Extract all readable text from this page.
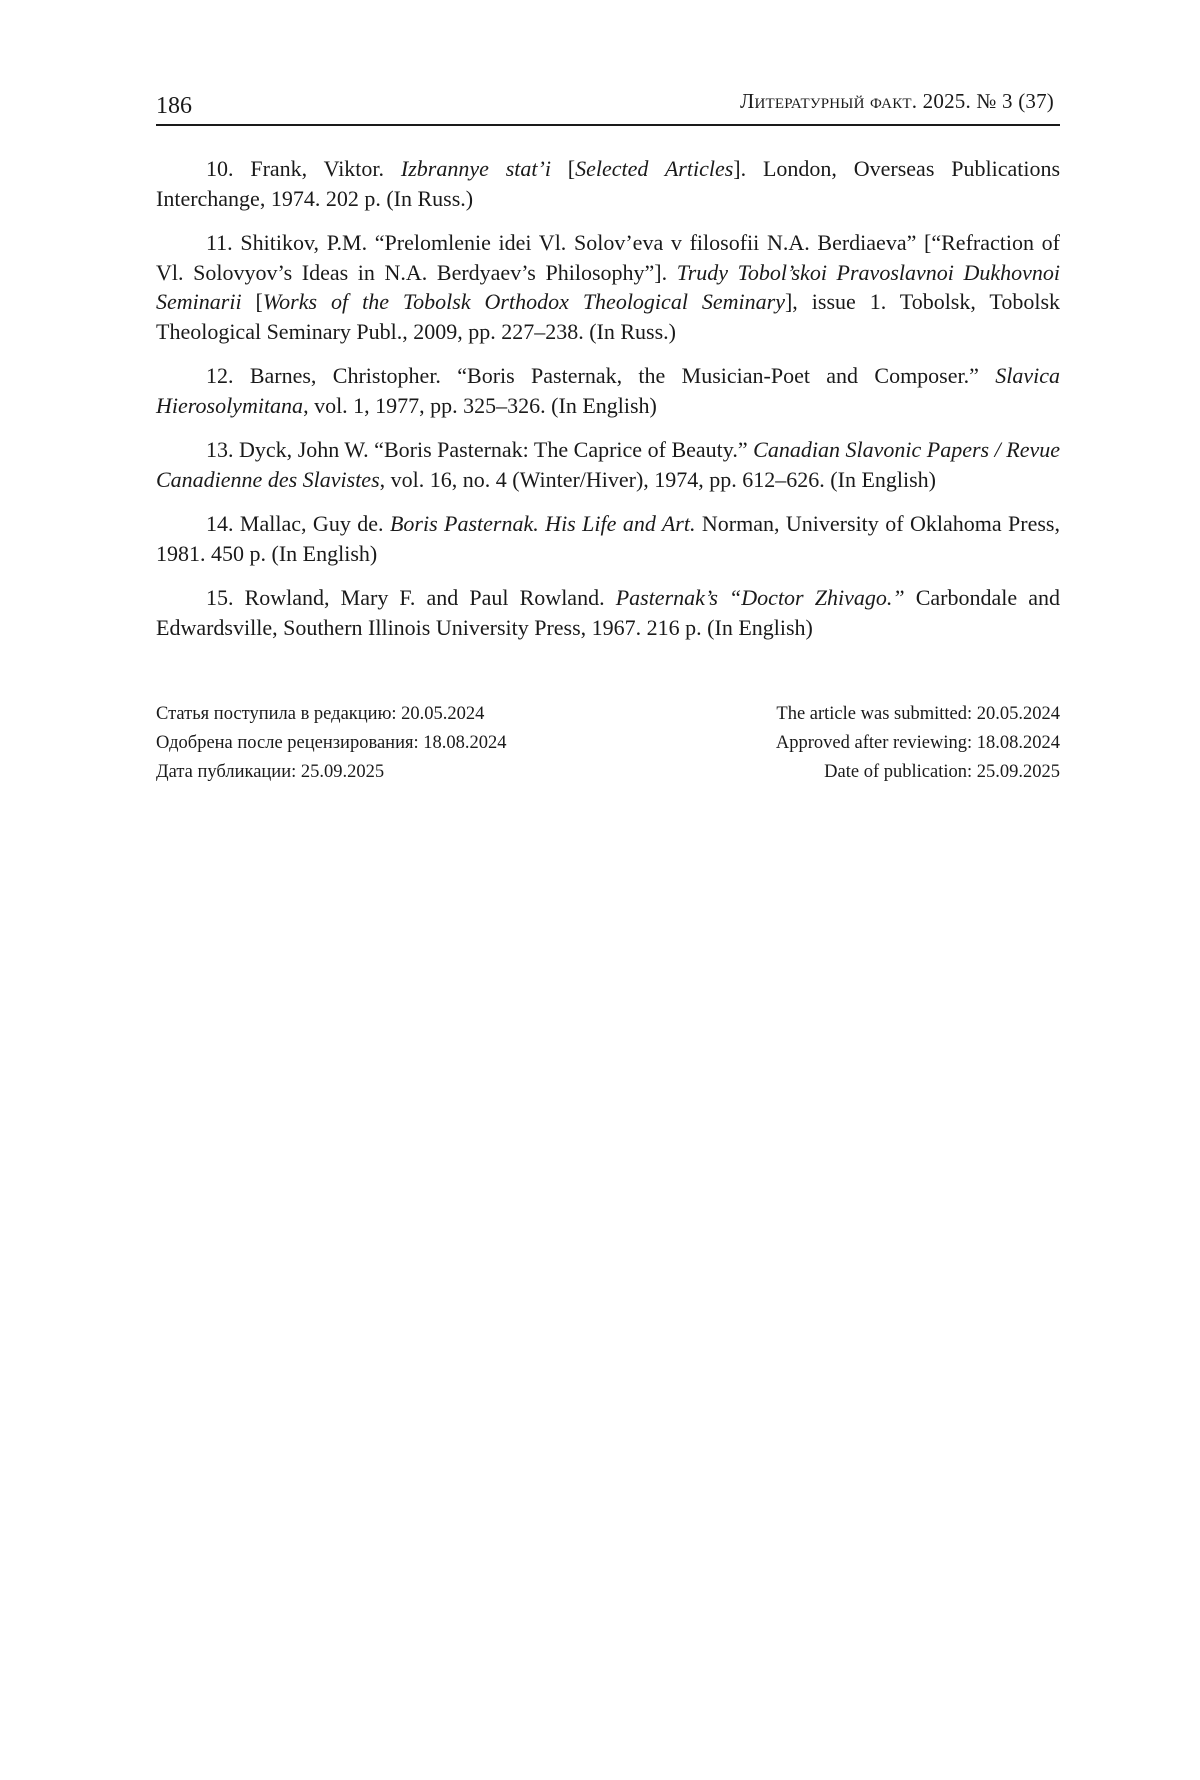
186	Литературный факт. 2025. № 3 (37)

10. Frank, Viktor. Izbrannye stat’i [Selected Articles]. London, Overseas Publications Interchange, 1974. 202 p. (In Russ.)

11. Shitikov, P.M. “Prelomlenie idei Vl. Solov’eva v filosofii N.A. Berdiaeva” [“Refraction of Vl. Solovyov’s Ideas in N.A. Berdyaev’s Philosophy”]. Trudy Tobol’skoi Pravoslavnoi Dukhovnoi Seminarii [Works of the Tobolsk Orthodox Theological Seminary], issue 1. Tobolsk, Tobolsk Theological Seminary Publ., 2009, pp. 227–238. (In Russ.)

12. Barnes, Christopher. “Boris Pasternak, the Musician-Poet and Composer.” Slavica Hierosolymitana, vol. 1, 1977, pp. 325–326. (In English)

13. Dyck, John W. “Boris Pasternak: The Caprice of Beauty.” Canadian Slavonic Papers / Revue Canadienne des Slavistes, vol. 16, no. 4 (Winter/Hiver), 1974, pp. 612–626. (In English)

14. Mallac, Guy de. Boris Pasternak. His Life and Art. Norman, University of Oklahoma Press, 1981. 450 p. (In English)

15. Rowland, Mary F. and Paul Rowland. Pasternak’s “Doctor Zhivago.” Carbondale and Edwardsville, Southern Illinois University Press, 1967. 216 p. (In English)

Статья поступила в редакцию: 20.05.2024
Одобрена после рецензирования: 18.08.2024
Дата публикации: 25.09.2025
The article was submitted: 20.05.2024
Approved after reviewing: 18.08.2024
Date of publication: 25.09.2025
